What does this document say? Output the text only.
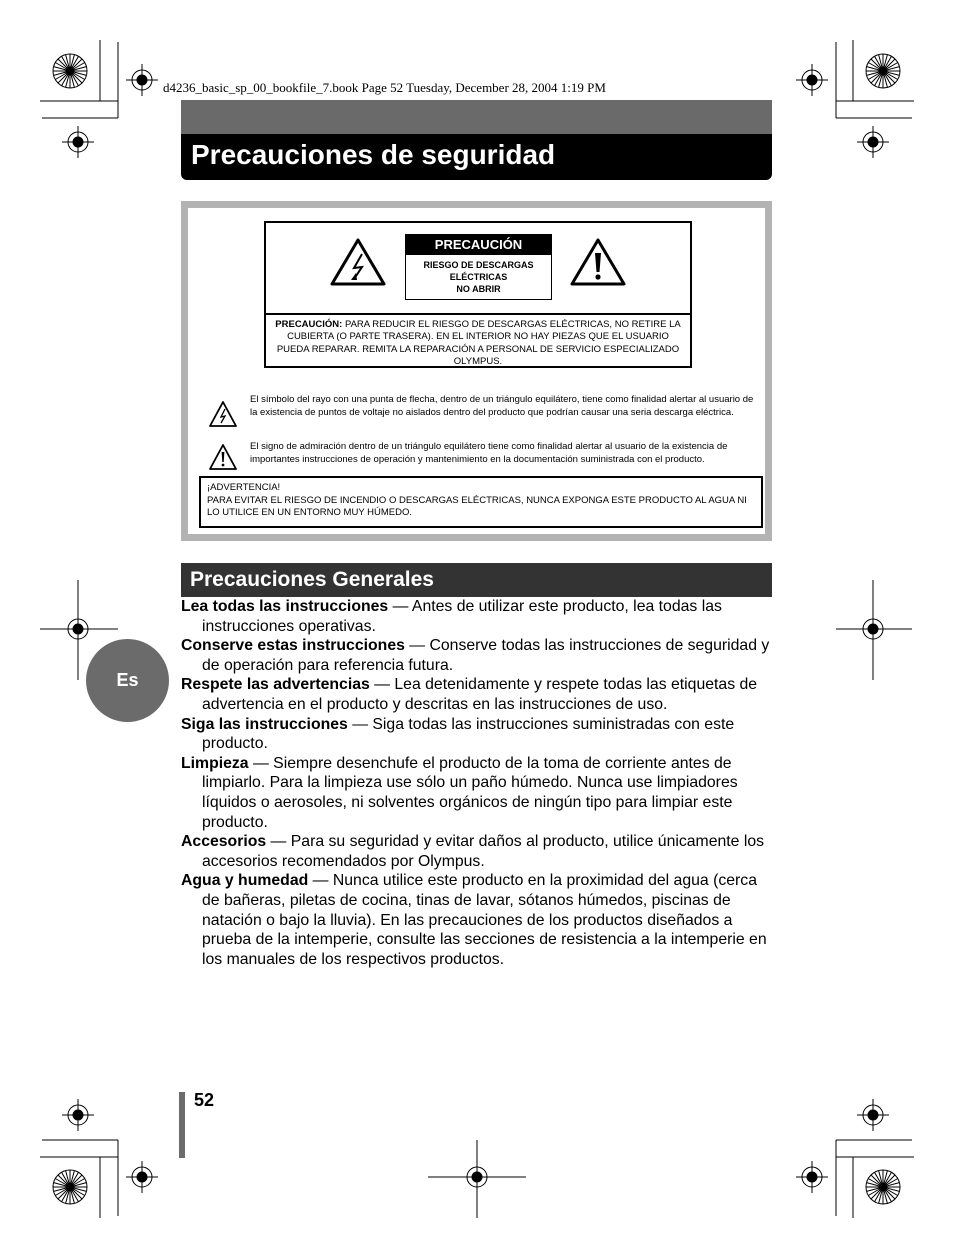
d4236_basic_sp_00_bookfile_7.book Page 52 Tuesday, December 28, 2004 1:19 PM
Precauciones de seguridad
PRECAUCIÓN
RIESGO DE DESCARGAS
ELÉCTRICAS
NO ABRIR
PRECAUCIÓN: PARA REDUCIR EL RIESGO DE DESCARGAS ELÉCTRICAS, NO RETIRE LA CUBIERTA (O PARTE TRASERA). EN EL INTERIOR NO HAY PIEZAS QUE EL USUARIO PUEDA REPARAR. REMITA LA REPARACIÓN A PERSONAL DE SERVICIO ESPECIALIZADO OLYMPUS.
El símbolo del rayo con una punta de flecha, dentro de un triángulo equilátero, tiene como finalidad alertar al usuario de la existencia de puntos de voltaje no aislados dentro del producto que podrían causar una seria descarga eléctrica.
El signo de admiración dentro de un triángulo equilátero tiene como finalidad alertar al usuario de la existencia de importantes instrucciones de operación y mantenimiento en la documentación suministrada con el producto.
¡ADVERTENCIA!
PARA EVITAR EL RIESGO DE INCENDIO O DESCARGAS ELÉCTRICAS, NUNCA EXPONGA ESTE PRODUCTO AL AGUA NI LO UTILICE EN UN ENTORNO MUY HÚMEDO.
Precauciones Generales

Lea todas las instrucciones — Antes de utilizar este producto, lea todas las instrucciones operativas.

Conserve estas instrucciones — Conserve todas las instrucciones de seguridad y de operación para referencia futura.

Respete las advertencias — Lea detenidamente y respete todas las etiquetas de advertencia en el producto y descritas en las instrucciones de uso.

Siga las instrucciones — Siga todas las instrucciones suministradas con este producto.

Limpieza — Siempre desenchufe el producto de la toma de corriente antes de limpiarlo. Para la limpieza use sólo un paño húmedo. Nunca use limpiadores líquidos o aerosoles, ni solventes orgánicos de ningún tipo para limpiar este producto.

Accesorios — Para su seguridad y evitar daños al producto, utilice únicamente los accesorios recomendados por Olympus.

Agua y humedad — Nunca utilice este producto en la proximidad del agua (cerca de bañeras, piletas de cocina, tinas de lavar, sótanos húmedos, piscinas de natación o bajo la lluvia). En las precauciones de los productos diseñados a prueba de la intemperie, consulte las secciones de resistencia a la intemperie en los manuales de los respectivos productos.

Es
52
